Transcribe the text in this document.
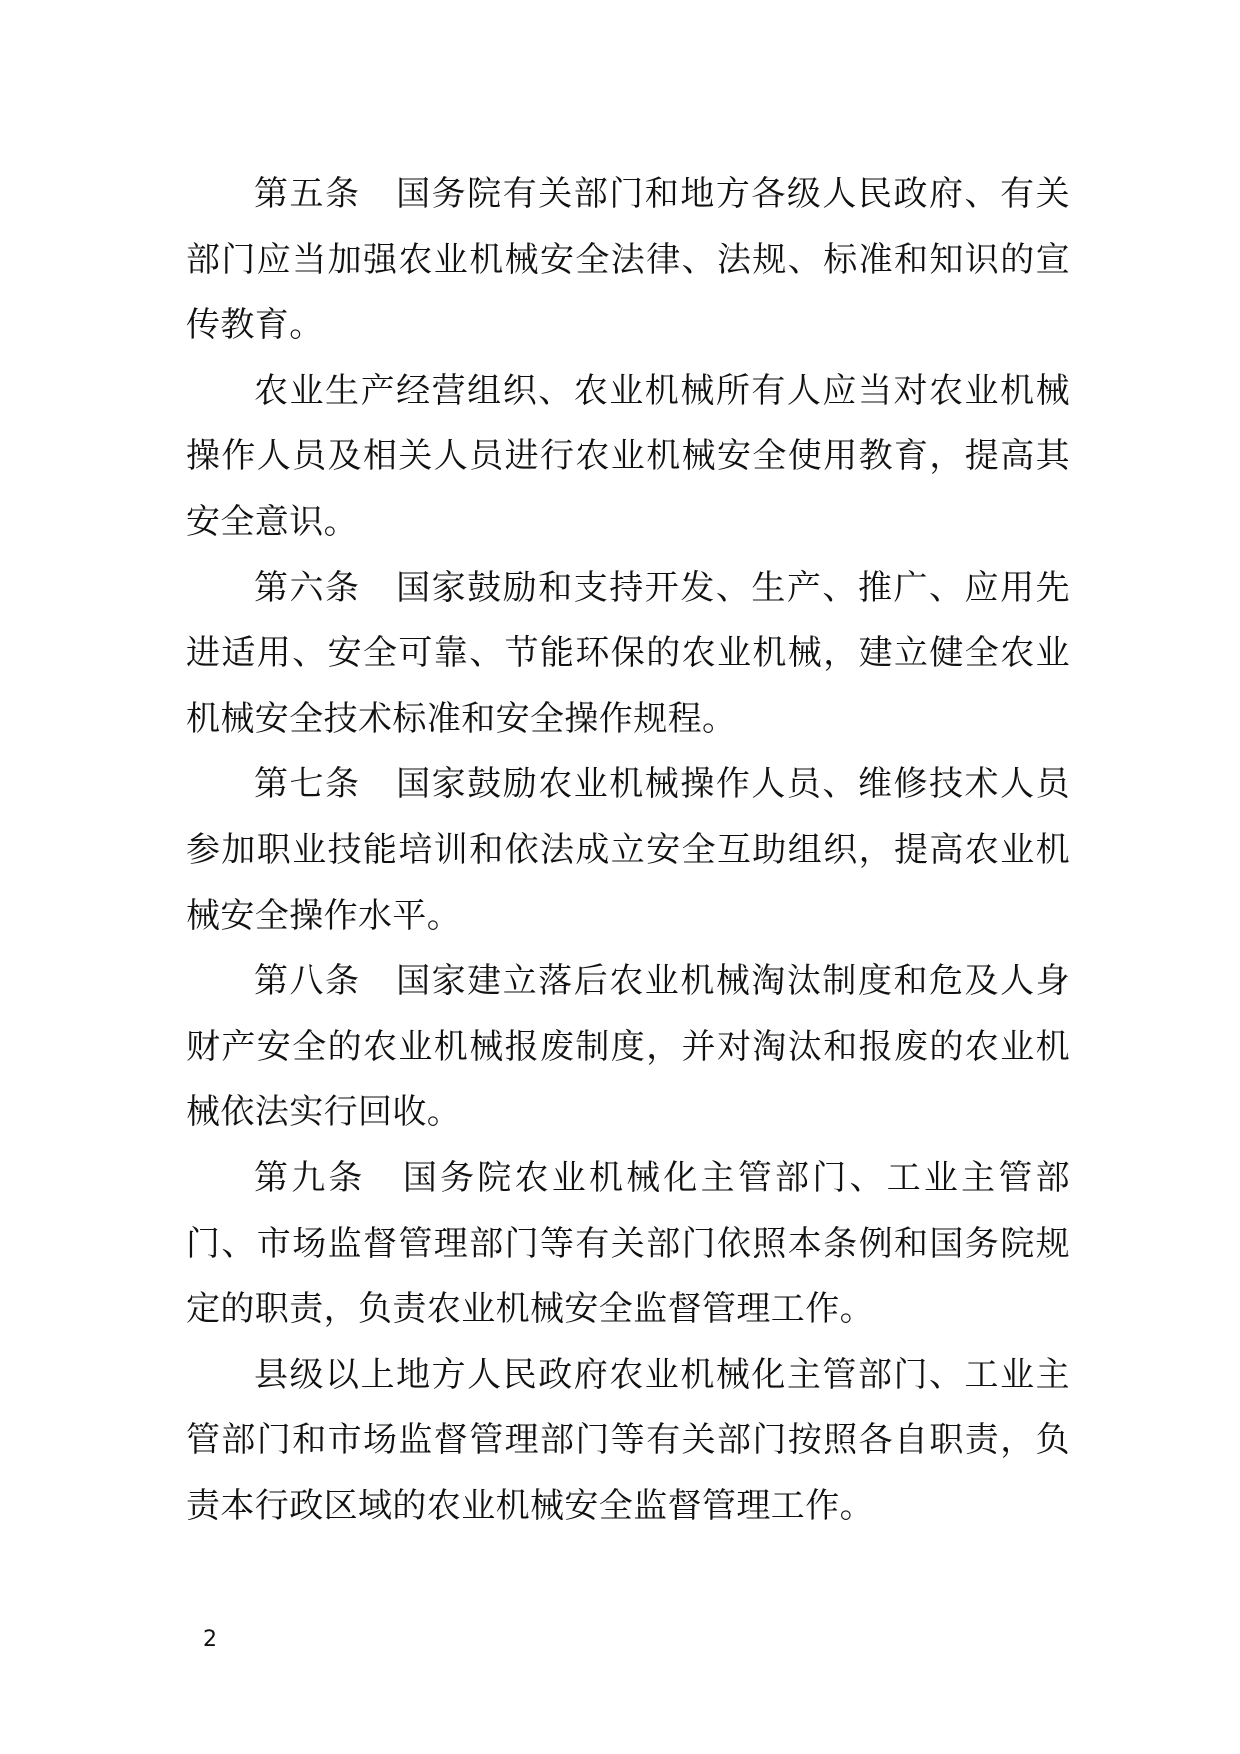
第五条　国务院有关部门和地方各级人民政府、有关部门应当加强农业机械安全法律、法规、标准和知识的宣传教育。

农业生产经营组织、农业机械所有人应当对农业机械操作人员及相关人员进行农业机械安全使用教育，提高其安全意识。

第六条　国家鼓励和支持开发、生产、推广、应用先进适用、安全可靠、节能环保的农业机械，建立健全农业机械安全技术标准和安全操作规程。

第七条　国家鼓励农业机械操作人员、维修技术人员参加职业技能培训和依法成立安全互助组织，提高农业机械安全操作水平。

第八条　国家建立落后农业机械淘汰制度和危及人身财产安全的农业机械报废制度，并对淘汰和报废的农业机械依法实行回收。

第九条　国务院农业机械化主管部门、工业主管部门、市场监督管理部门等有关部门依照本条例和国务院规定的职责，负责农业机械安全监督管理工作。

县级以上地方人民政府农业机械化主管部门、工业主管部门和市场监督管理部门等有关部门按照各自职责，负责本行政区域的农业机械安全监督管理工作。

2
